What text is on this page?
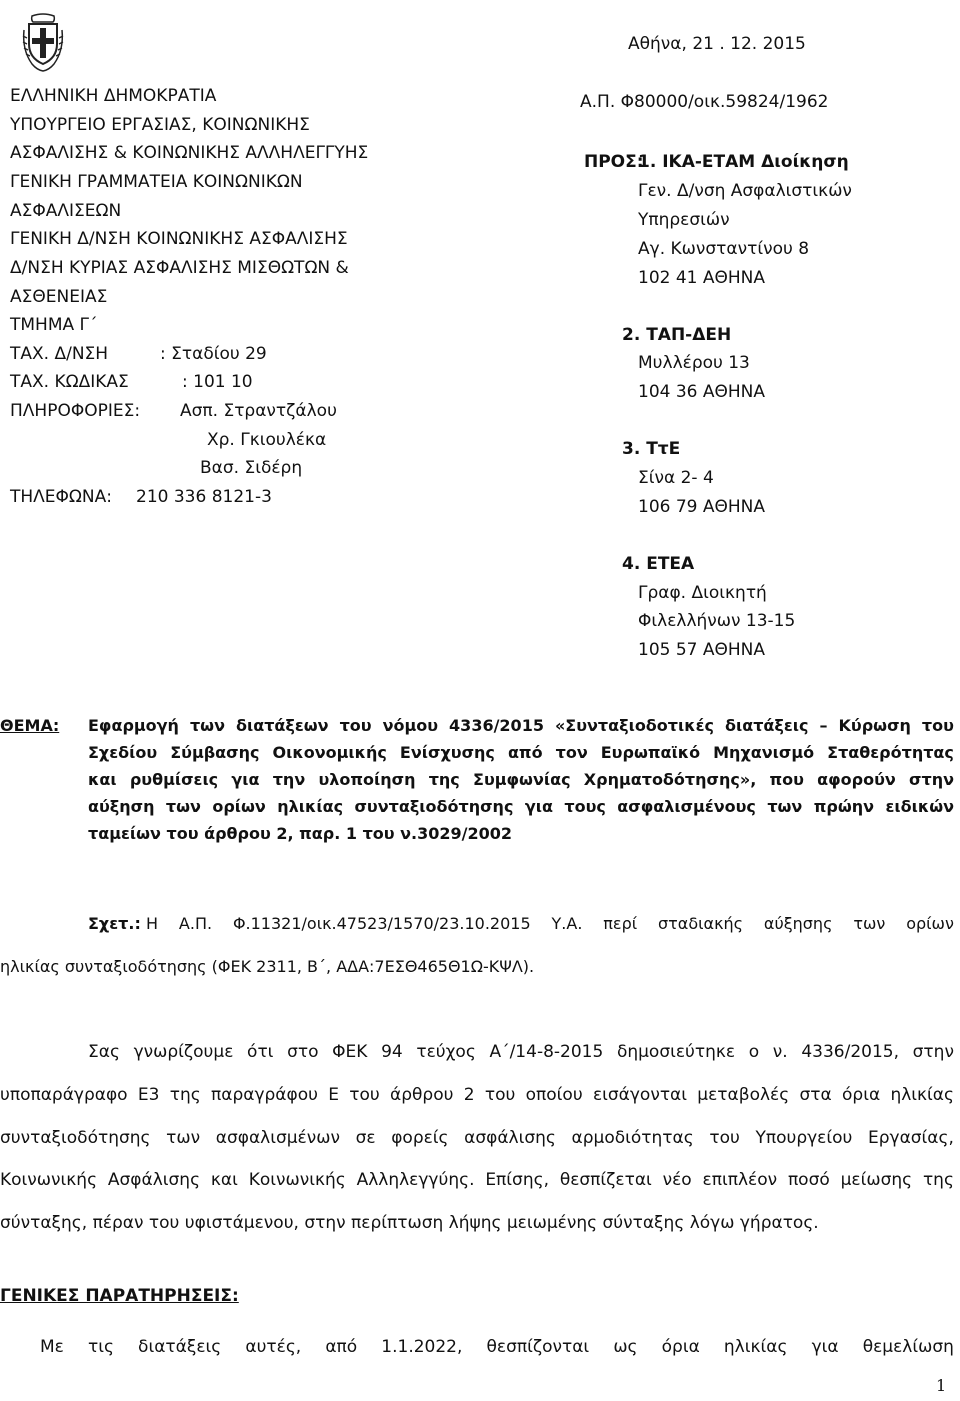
ΕΛΛΗΝΙΚΗ ΔΗΜΟΚΡΑΤΙΑ
ΥΠΟΥΡΓΕΙΟ ΕΡΓΑΣΙΑΣ, ΚΟΙΝΩΝΙΚΗΣ
ΑΣΦΑΛΙΣΗΣ & ΚΟΙΝΩΝΙΚΗΣ ΑΛΛΗΛΕΓΓΥΗΣ
ΓΕΝΙΚΗ ΓΡΑΜΜΑΤΕΙΑ ΚΟΙΝΩΝΙΚΩΝ
ΑΣΦΑΛΙΣΕΩΝ
ΓΕΝΙΚΗ Δ/ΝΣΗ ΚΟΙΝΩΝΙΚΗΣ ΑΣΦΑΛΙΣΗΣ
Δ/ΝΣΗ ΚΥΡΙΑΣ ΑΣΦΑΛΙΣΗΣ ΜΙΣΘΩΤΩΝ &
ΑΣΘΕΝΕΙΑΣ
ΤΜΗΜΑ Γ΄
ΤΑΧ. Δ/ΝΣΗ	: Σταδίου 29
ΤΑΧ. ΚΩΔΙΚΑΣ	: 101 10
ΠΛΗΡΟΦΟΡΙΕΣ: Ασπ. Στραντζάλου
Χρ. Γκιουλέκα
Βασ. Σιδέρη
ΤΗΛΕΦΩΝΑ: 210 336 8121-3
Αθήνα, 21 . 12. 2015
Α.Π. Φ80000/οικ.59824/1962
ΠΡΟΣ:
1. ΙΚΑ-ΕΤΑΜ Διοίκηση
Γεν. Δ/νση Ασφαλιστικών
Υπηρεσιών
Αγ. Κωνσταντίνου 8
102 41 ΑΘΗΝΑ
2. ΤΑΠ-ΔΕΗ
Μυλλέρου 13
104 36 ΑΘΗΝΑ
3. ΤτΕ
Σίνα 2- 4
106 79 ΑΘΗΝΑ
4. ΕΤΕΑ
Γραφ. Διοικητή
Φιλελλήνων 13-15
105 57 ΑΘΗΝΑ
ΘΕΜΑ: Εφαρμογή των διατάξεων του νόμου 4336/2015 «Συνταξιοδοτικές διατάξεις – Κύρωση του
Σχεδίου Σύμβασης Οικονομικής Ενίσχυσης από τον Ευρωπαϊκό Μηχανισμό Σταθερότητας
και ρυθμίσεις για την υλοποίηση της Συμφωνίας Χρηματοδότησης», που αφορούν στην
αύξηση των ορίων ηλικίας συνταξιοδότησης για τους ασφαλισμένους των πρώην ειδικών
ταμείων του άρθρου 2, παρ. 1 του ν.3029/2002
Σχετ.: Η Α.Π. Φ.11321/οικ.47523/1570/23.10.2015 Υ.Α. περί σταδιακής αύξησης των ορίων
ηλικίας συνταξιοδότησης (ΦΕΚ 2311, Β΄, ΑΔΑ:7ΕΣΘ465Θ1Ω-ΚΨΛ).
Σας γνωρίζουμε ότι στο ΦΕΚ 94 τεύχος Α΄/14-8-2015 δημοσιεύτηκε ο ν. 4336/2015, στην
υποπαράγραφο Ε3 της παραγράφου Ε του άρθρου 2 του οποίου εισάγονται μεταβολές στα όρια ηλικίας
συνταξιοδότησης των ασφαλισμένων σε φορείς ασφάλισης αρμοδιότητας του Υπουργείου Εργασίας,
Κοινωνικής Ασφάλισης και Κοινωνικής Αλληλεγγύης. Επίσης, θεσπίζεται νέο επιπλέον ποσό μείωσης της
σύνταξης, πέραν του υφιστάμενου, στην περίπτωση λήψης μειωμένης σύνταξης λόγω γήρατος.
ΓΕΝΙΚΕΣ ΠΑΡΑΤΗΡΗΣΕΙΣ:
Με τις διατάξεις αυτές, από 1.1.2022, θεσπίζονται ως όρια ηλικίας για θεμελίωση
1
